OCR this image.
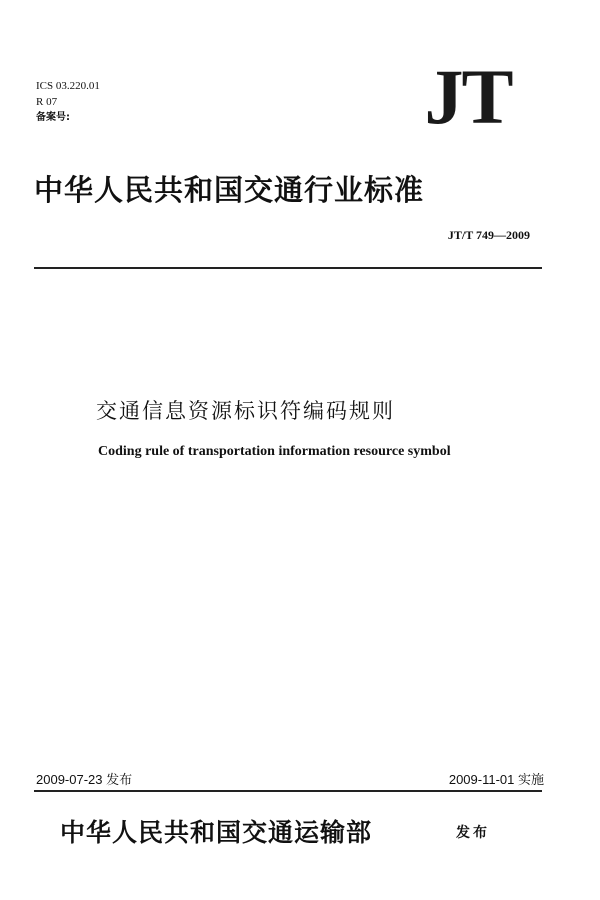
ICS 03.220.01
R 07
备案号:	JT
中华人民共和国交通行业标准
JT/T 749—2009
交通信息资源标识符编码规则
Coding rule of transportation information resource symbol
2009-07-23 发布	2009-11-01 实施
中华人民共和国交通运输部	发布
